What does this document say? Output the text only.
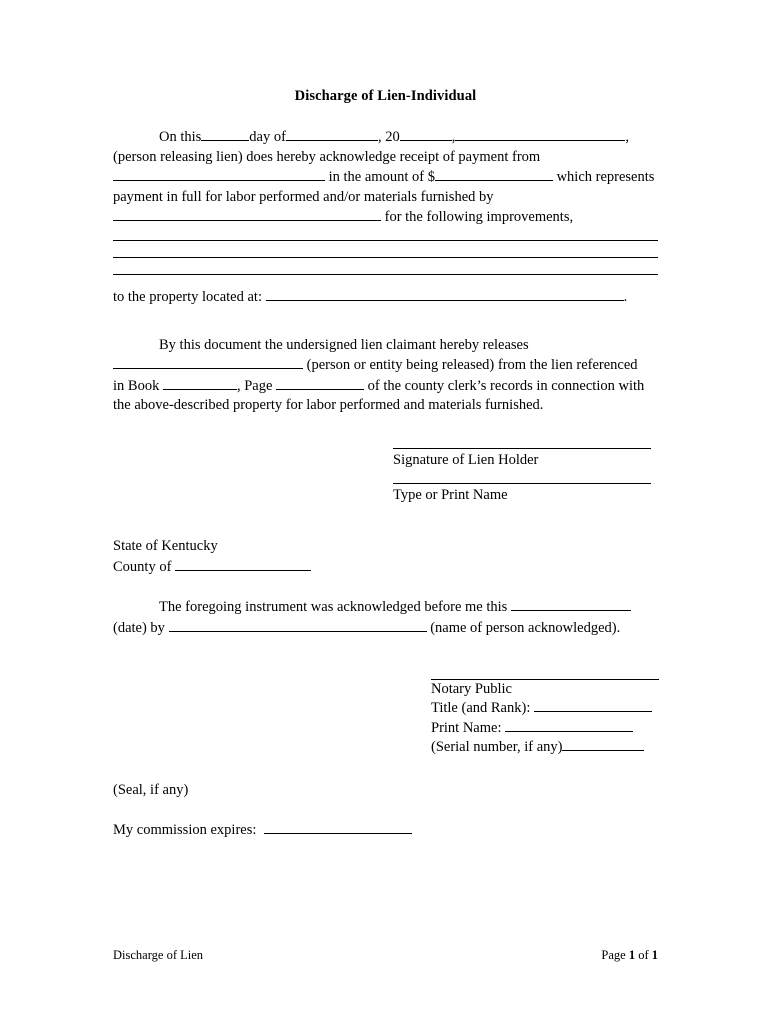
Discharge of Lien-Individual
On this	day of	, 20	,	,
(person releasing lien) does hereby acknowledge receipt of payment from
in the amount of $	which represents
payment in full for labor performed and/or materials furnished by
for the following improvements,
to the property located at:	.
By this document the undersigned lien claimant hereby releases
(person or entity being released) from the lien referenced
in Book	, Page	of the county clerk’s records in connection with
the above-described property for labor performed and materials furnished.
Signature of Lien Holder
Type or Print Name
State of Kentucky
County of
The foregoing instrument was acknowledged before me this
(date) by	(name of person acknowledged).
Notary Public
Title (and Rank):
Print Name:
(Serial number, if any)
(Seal, if any)
My commission expires:
Discharge of Lien	Page 1 of 1
